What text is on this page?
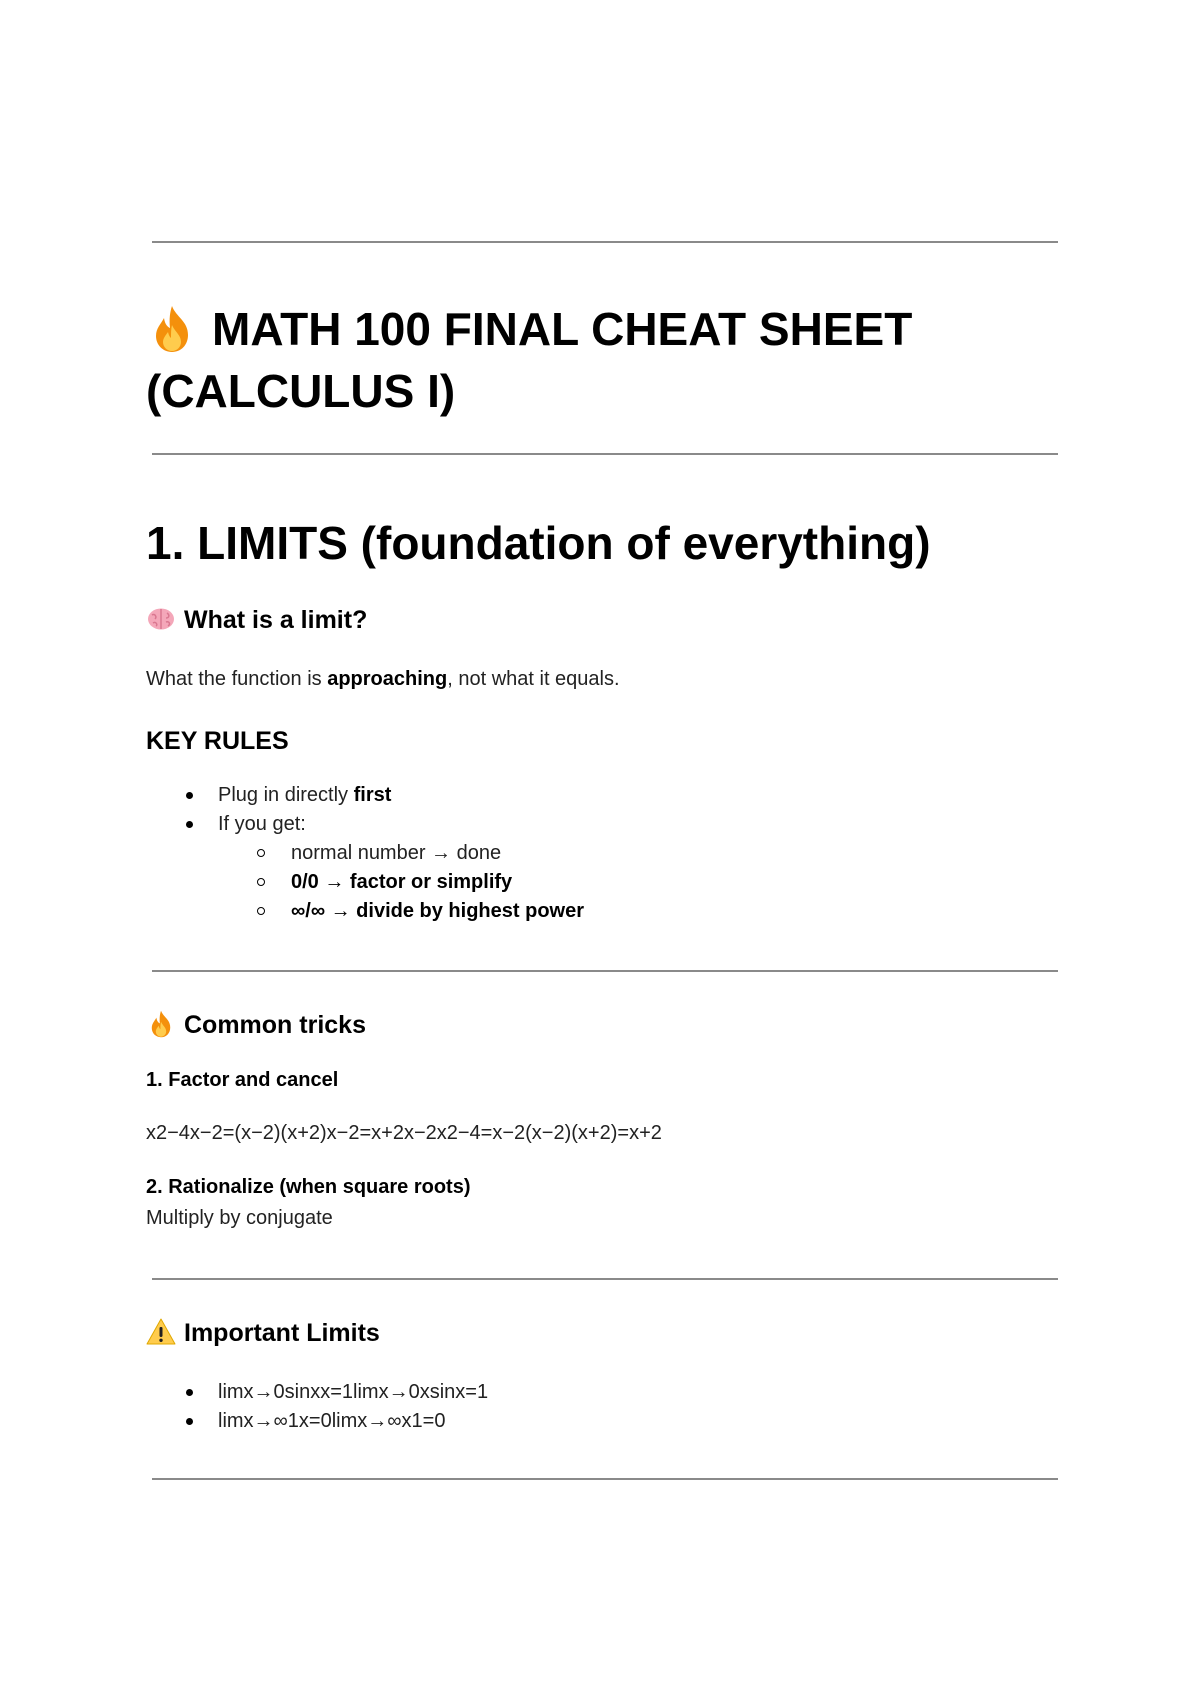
MATH 100 FINAL CHEAT SHEET
(CALCULUS I)
1. LIMITS (foundation of everything)
What is a limit?
What the function is approaching, not what it equals.
KEY RULES
Plug in directly first
If you get:
normal number → done
0/0 → factor or simplify
∞/∞ → divide by highest power
Common tricks
1. Factor and cancel
x2−4x−2=(x−2)(x+2)x−2=x+2x−2x2−4=x−2(x−2)(x+2)=x+2
2. Rationalize (when square roots)
Multiply by conjugate
Important Limits
limx→0sinxx=1limx→0xsinx=1
limx→∞1x=0limx→∞x1=0
